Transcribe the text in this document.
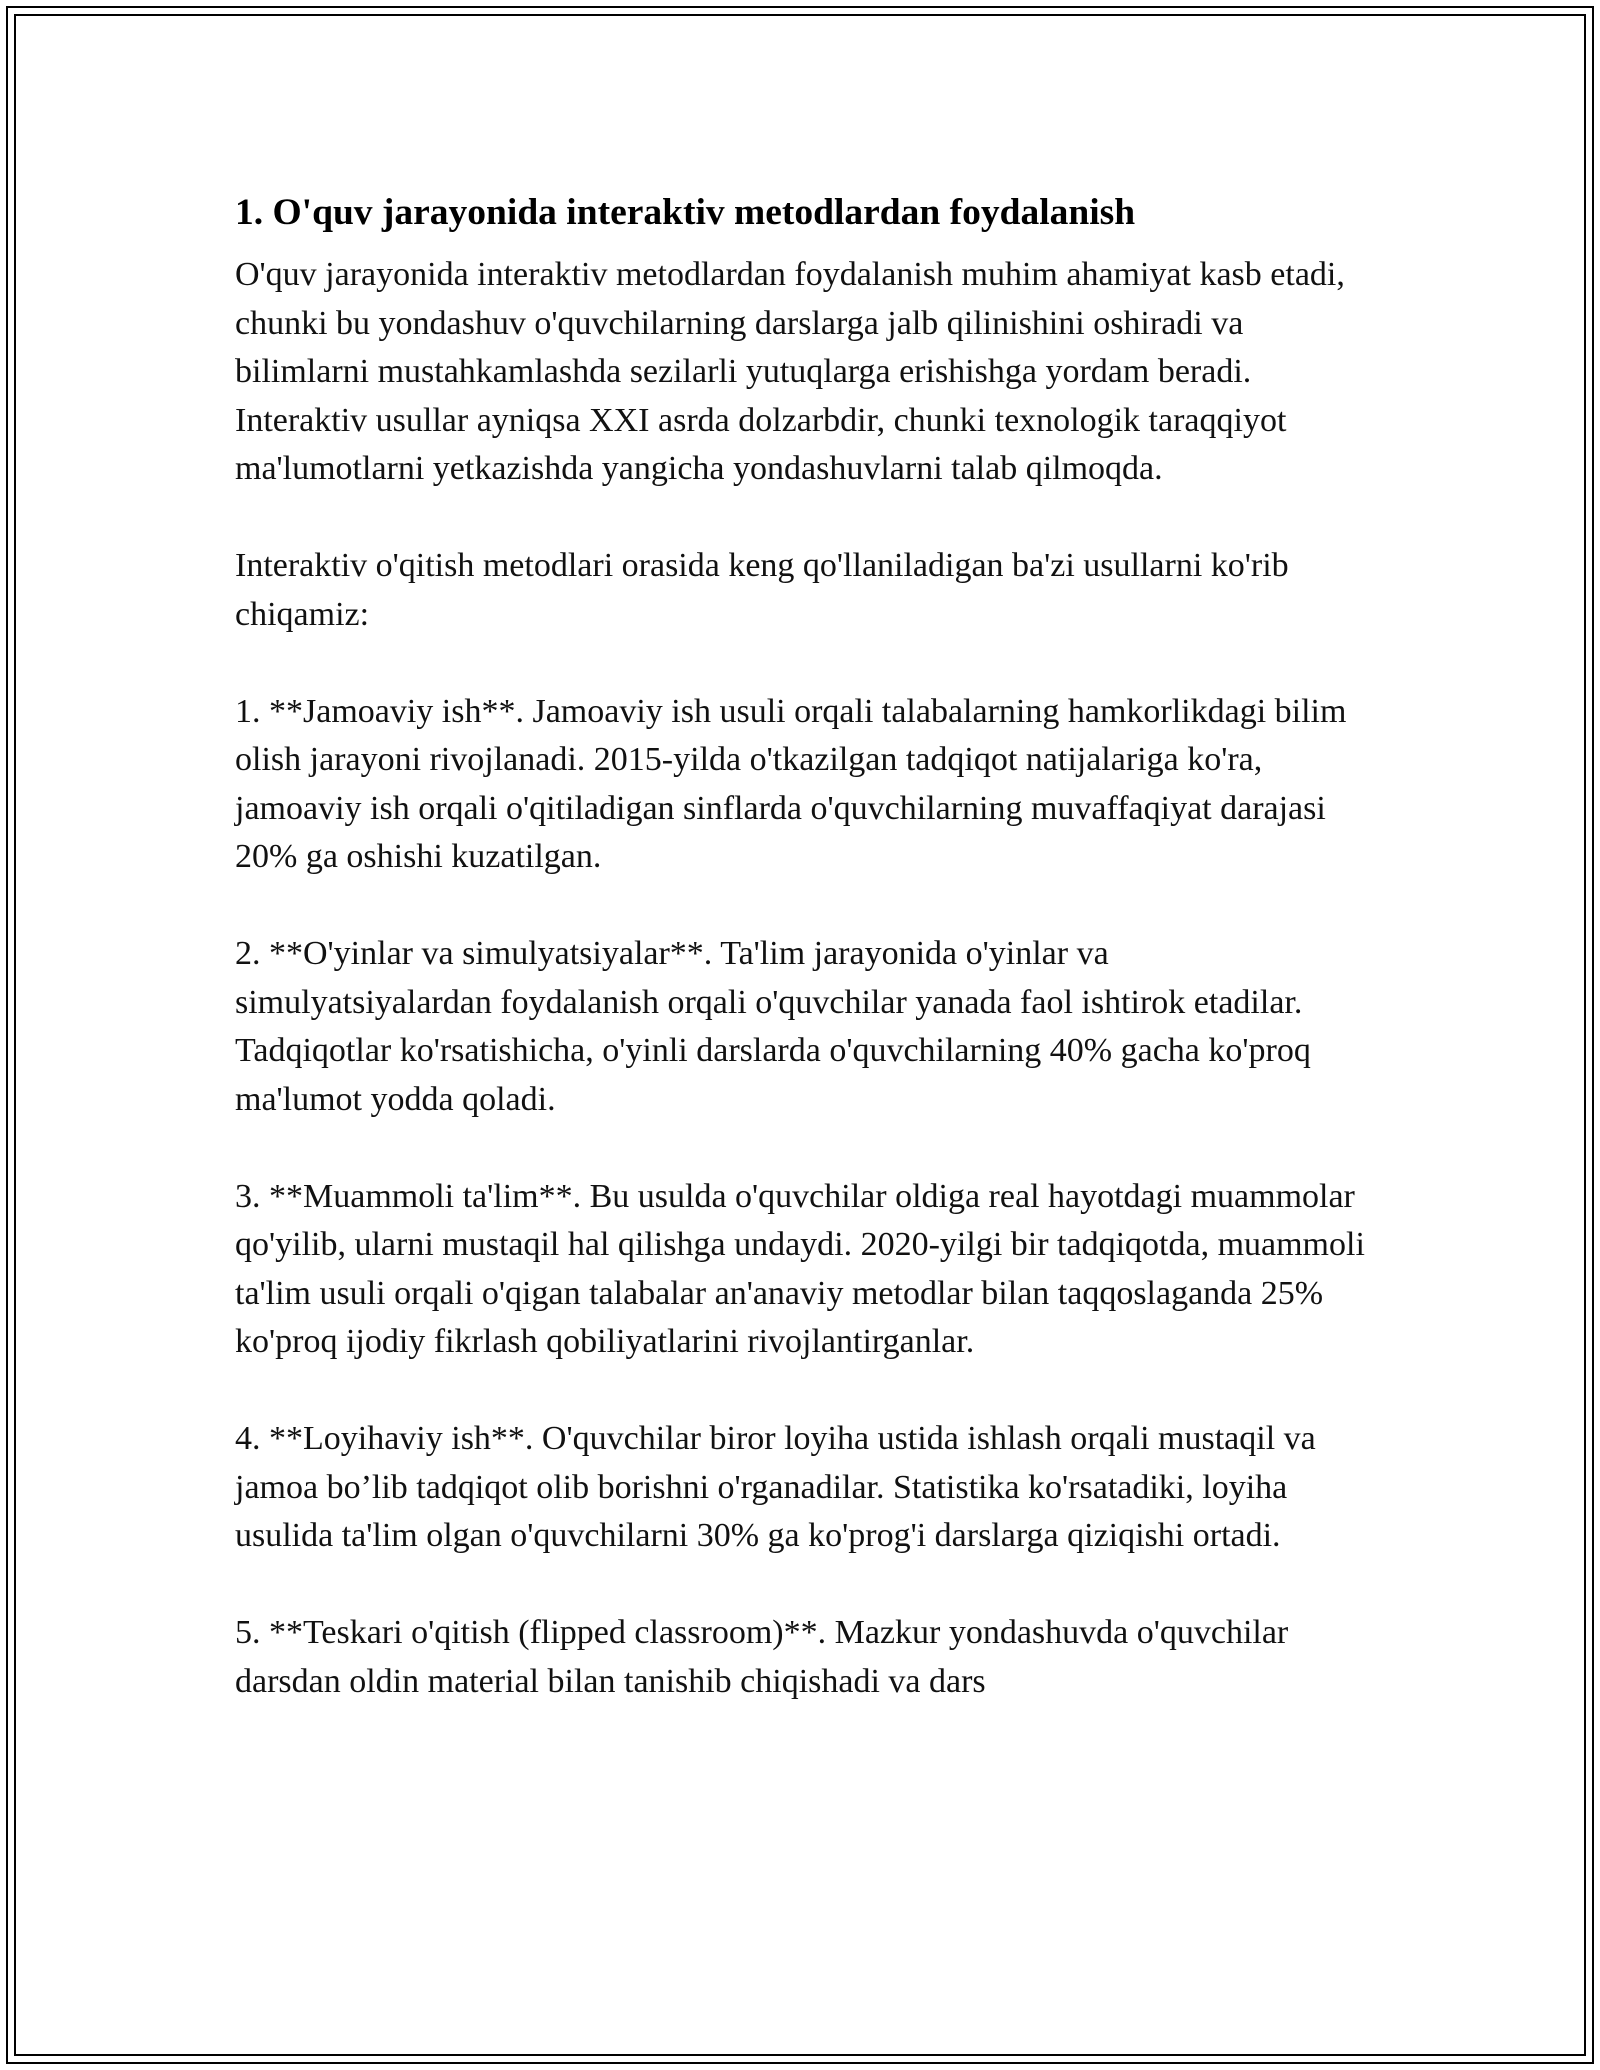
1. O'quv jarayonida interaktiv metodlardan foydalanish

O'quv jarayonida interaktiv metodlardan foydalanish muhim ahamiyat kasb etadi, chunki bu yondashuv o'quvchilarning darslarga jalb qilinishini oshiradi va bilimlarni mustahkamlashda sezilarli yutuqlarga erishishga yordam beradi. Interaktiv usullar ayniqsa XXI asrda dolzarbdir, chunki texnologik taraqqiyot ma'lumotlarni yetkazishda yangicha yondashuvlarni talab qilmoqda.

Interaktiv o'qitish metodlari orasida keng qo'llaniladigan ba'zi usullarni ko'rib chiqamiz:

1. **Jamoaviy ish**. Jamoaviy ish usuli orqali talabalarning hamkorlikdagi bilim olish jarayoni rivojlanadi. 2015-yilda o'tkazilgan tadqiqot natijalariga ko'ra, jamoaviy ish orqali o'qitiladigan sinflarda o'quvchilarning muvaffaqiyat darajasi 20% ga oshishi kuzatilgan.

2. **O'yinlar va simulyatsiyalar**. Ta'lim jarayonida o'yinlar va simulyatsiyalardan foydalanish orqali o'quvchilar yanada faol ishtirok etadilar. Tadqiqotlar ko'rsatishicha, o'yinli darslarda o'quvchilarning 40% gacha ko'proq ma'lumot yodda qoladi.

3. **Muammoli ta'lim**. Bu usulda o'quvchilar oldiga real hayotdagi muammolar qo'yilib, ularni mustaqil hal qilishga undaydi. 2020-yilgi bir tadqiqotda, muammoli ta'lim usuli orqali o'qigan talabalar an'anaviy metodlar bilan taqqoslaganda 25% ko'proq ijodiy fikrlash qobiliyatlarini rivojlantirganlar.

4. **Loyihaviy ish**. O'quvchilar biror loyiha ustida ishlash orqali mustaqil va jamoa bo’lib tadqiqot olib borishni o'rganadilar. Statistika ko'rsatadiki, loyiha usulida ta'lim olgan o'quvchilarni 30% ga ko'prog'i darslarga qiziqishi ortadi.

5. **Teskari o'qitish (flipped classroom)**. Mazkur yondashuvda o'quvchilar darsdan oldin material bilan tanishib chiqishadi va dars
